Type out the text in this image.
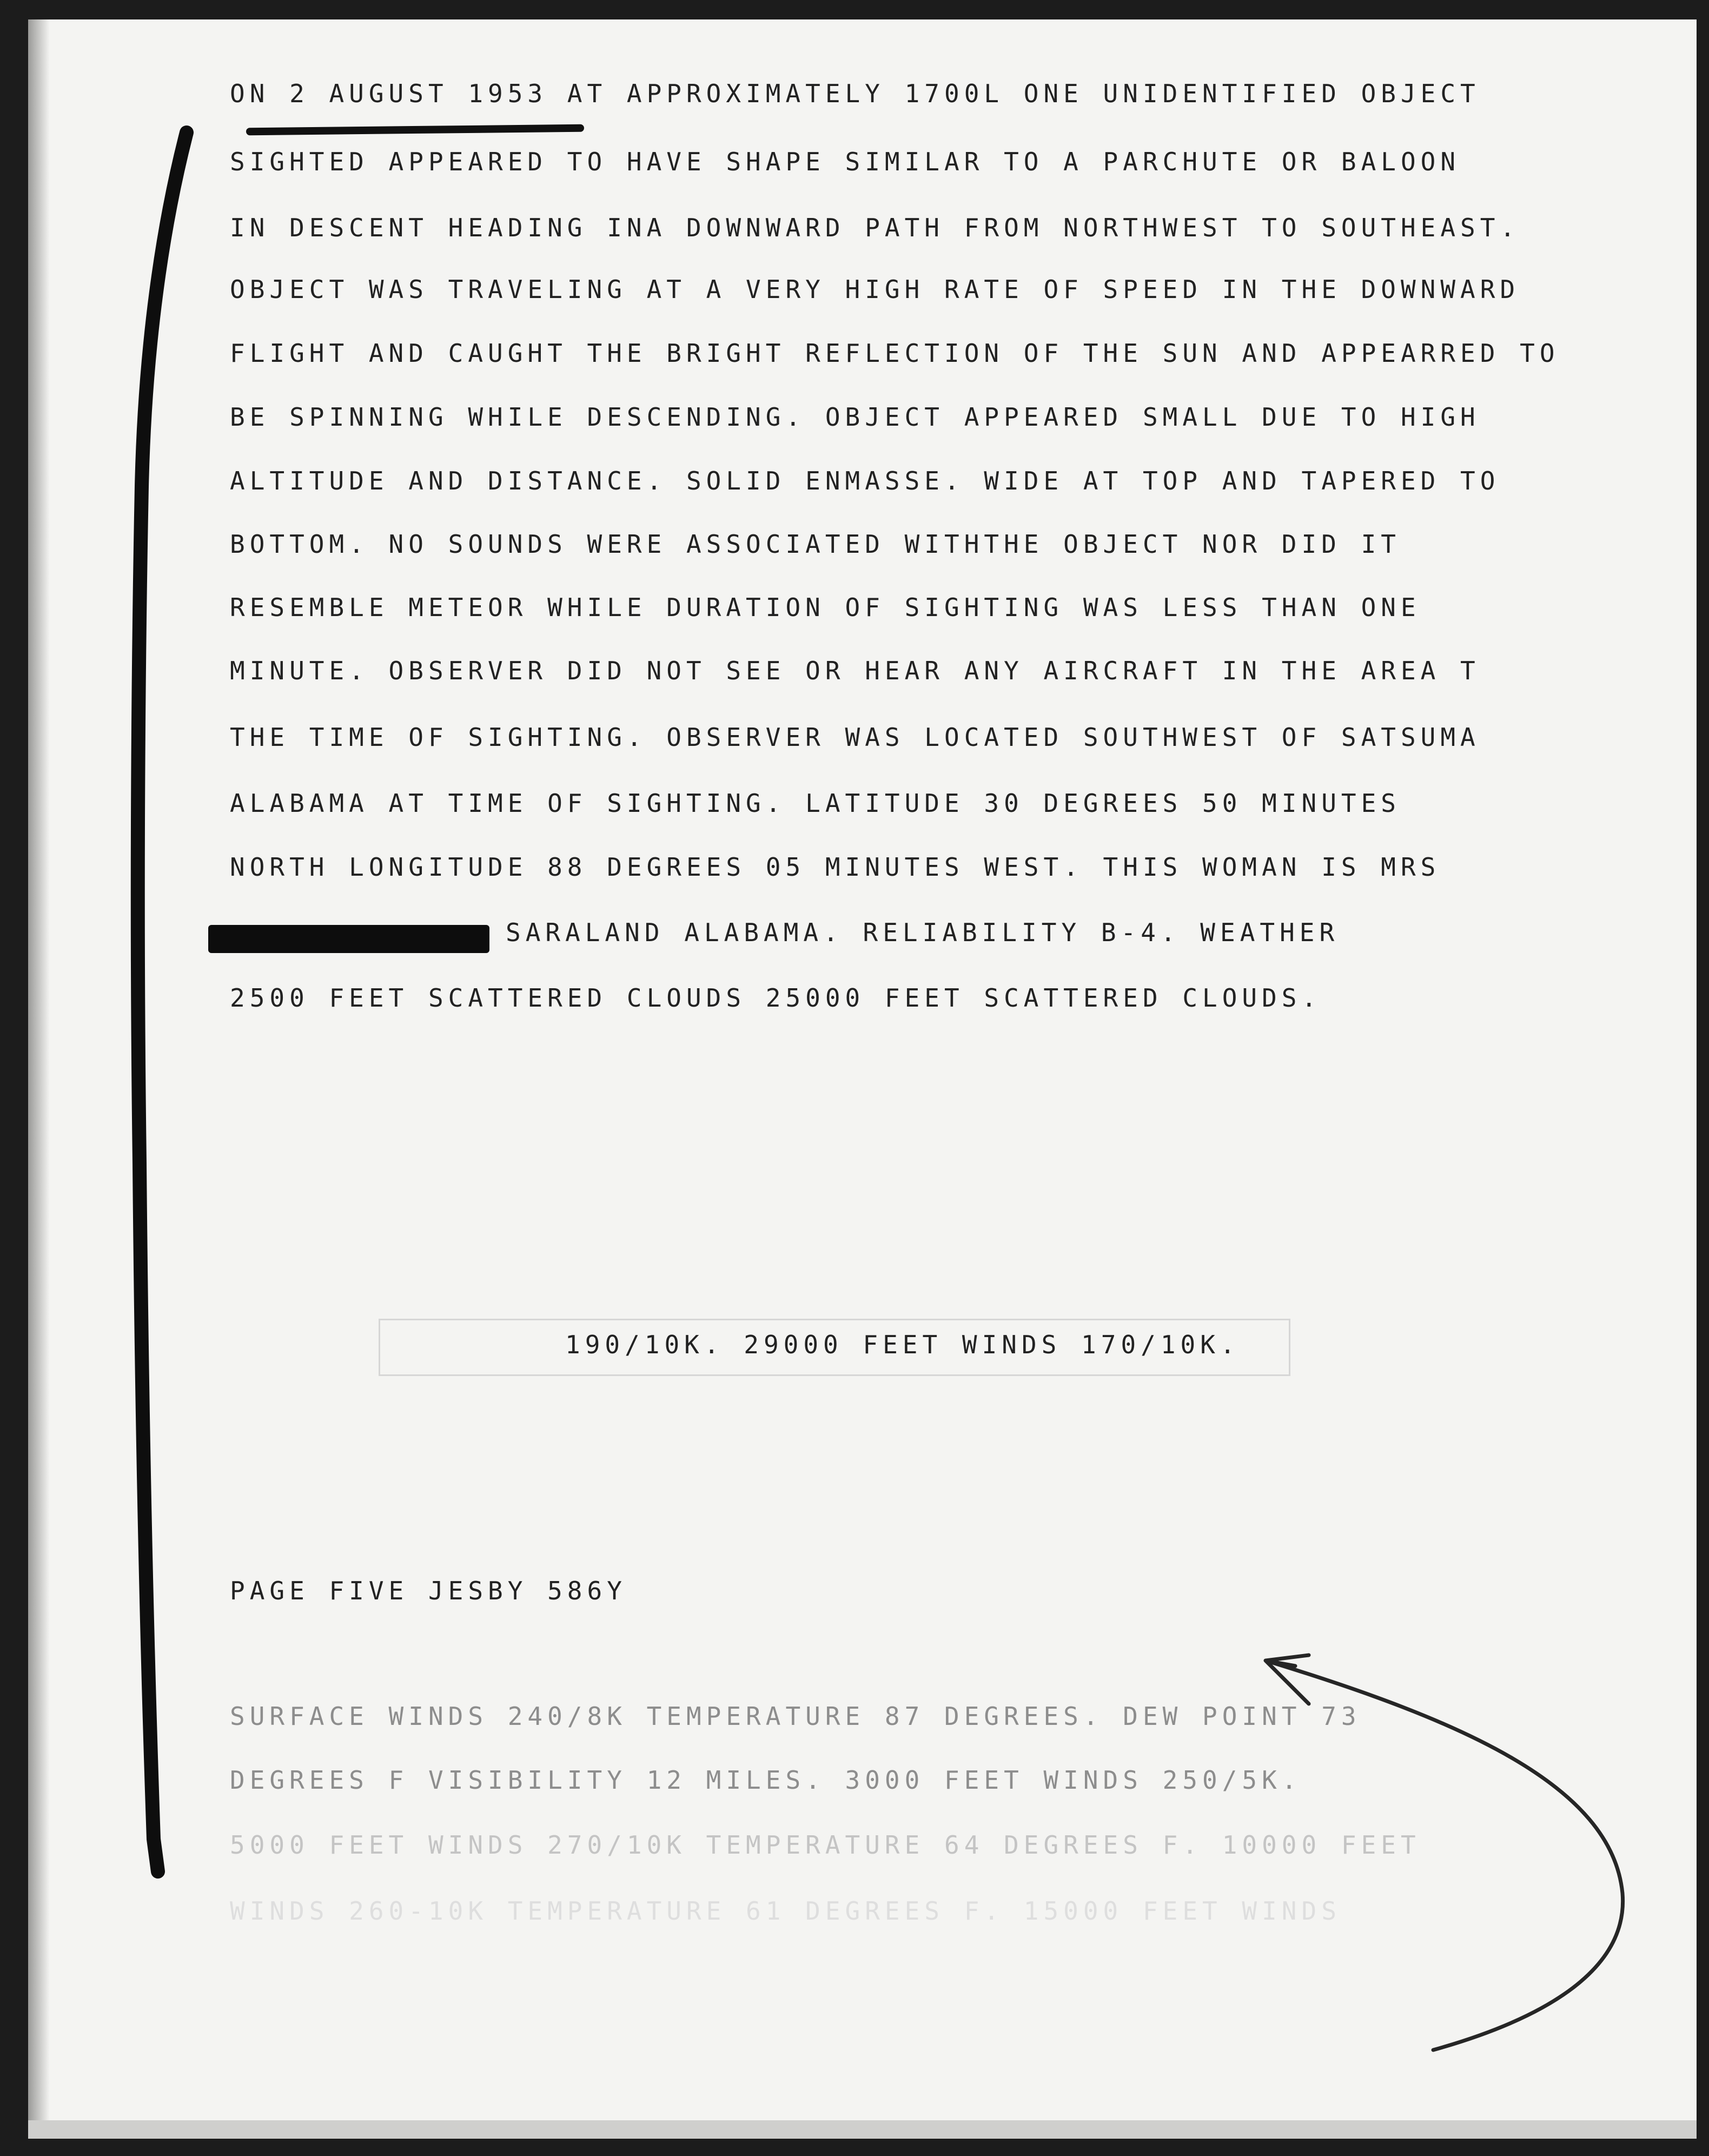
ON 2 AUGUST 1953 AT APPROXIMATELY 1700L ONE UNIDENTIFIED OBJECT
SIGHTED APPEARED TO HAVE SHAPE SIMILAR TO A PARCHUTE OR BALOON
IN DESCENT HEADING INA DOWNWARD PATH FROM NORTHWEST TO SOUTHEAST.
OBJECT WAS TRAVELING AT A VERY HIGH RATE OF SPEED IN THE DOWNWARD
FLIGHT AND CAUGHT THE BRIGHT REFLECTION OF THE SUN AND APPEARRED TO
BE SPINNING WHILE DESCENDING. OBJECT APPEARED SMALL DUE TO HIGH
ALTITUDE AND DISTANCE. SOLID ENMASSE. WIDE AT TOP AND TAPERED TO
BOTTOM. NO SOUNDS WERE ASSOCIATED WITHTHE OBJECT NOR DID IT
RESEMBLE METEOR WHILE DURATION OF SIGHTING WAS LESS THAN ONE
MINUTE. OBSERVER DID NOT SEE OR HEAR ANY AIRCRAFT IN THE AREA T
THE TIME OF SIGHTING. OBSERVER WAS LOCATED SOUTHWEST OF SATSUMA
ALABAMA AT TIME OF SIGHTING. LATITUDE 30 DEGREES 50 MINUTES
NORTH LONGITUDE 88 DEGREES 05 MINUTES WEST. THIS WOMAN IS MRS
SARALAND ALABAMA. RELIABILITY B-4. WEATHER
2500 FEET SCATTERED CLOUDS 25000 FEET SCATTERED CLOUDS.
190/10K. 29000 FEET WINDS 170/10K.
PAGE FIVE JESBY 586Y
SURFACE WINDS 240/8K TEMPERATURE 87 DEGREES. DEW POINT 73
DEGREES F VISIBILITY 12 MILES. 3000 FEET WINDS 250/5K.
5000 FEET WINDS 270/10K TEMPERATURE 64 DEGREES F. 10000 FEET
WINDS 260-10K TEMPERATURE 61 DEGREES F. 15000 FEET WINDS
